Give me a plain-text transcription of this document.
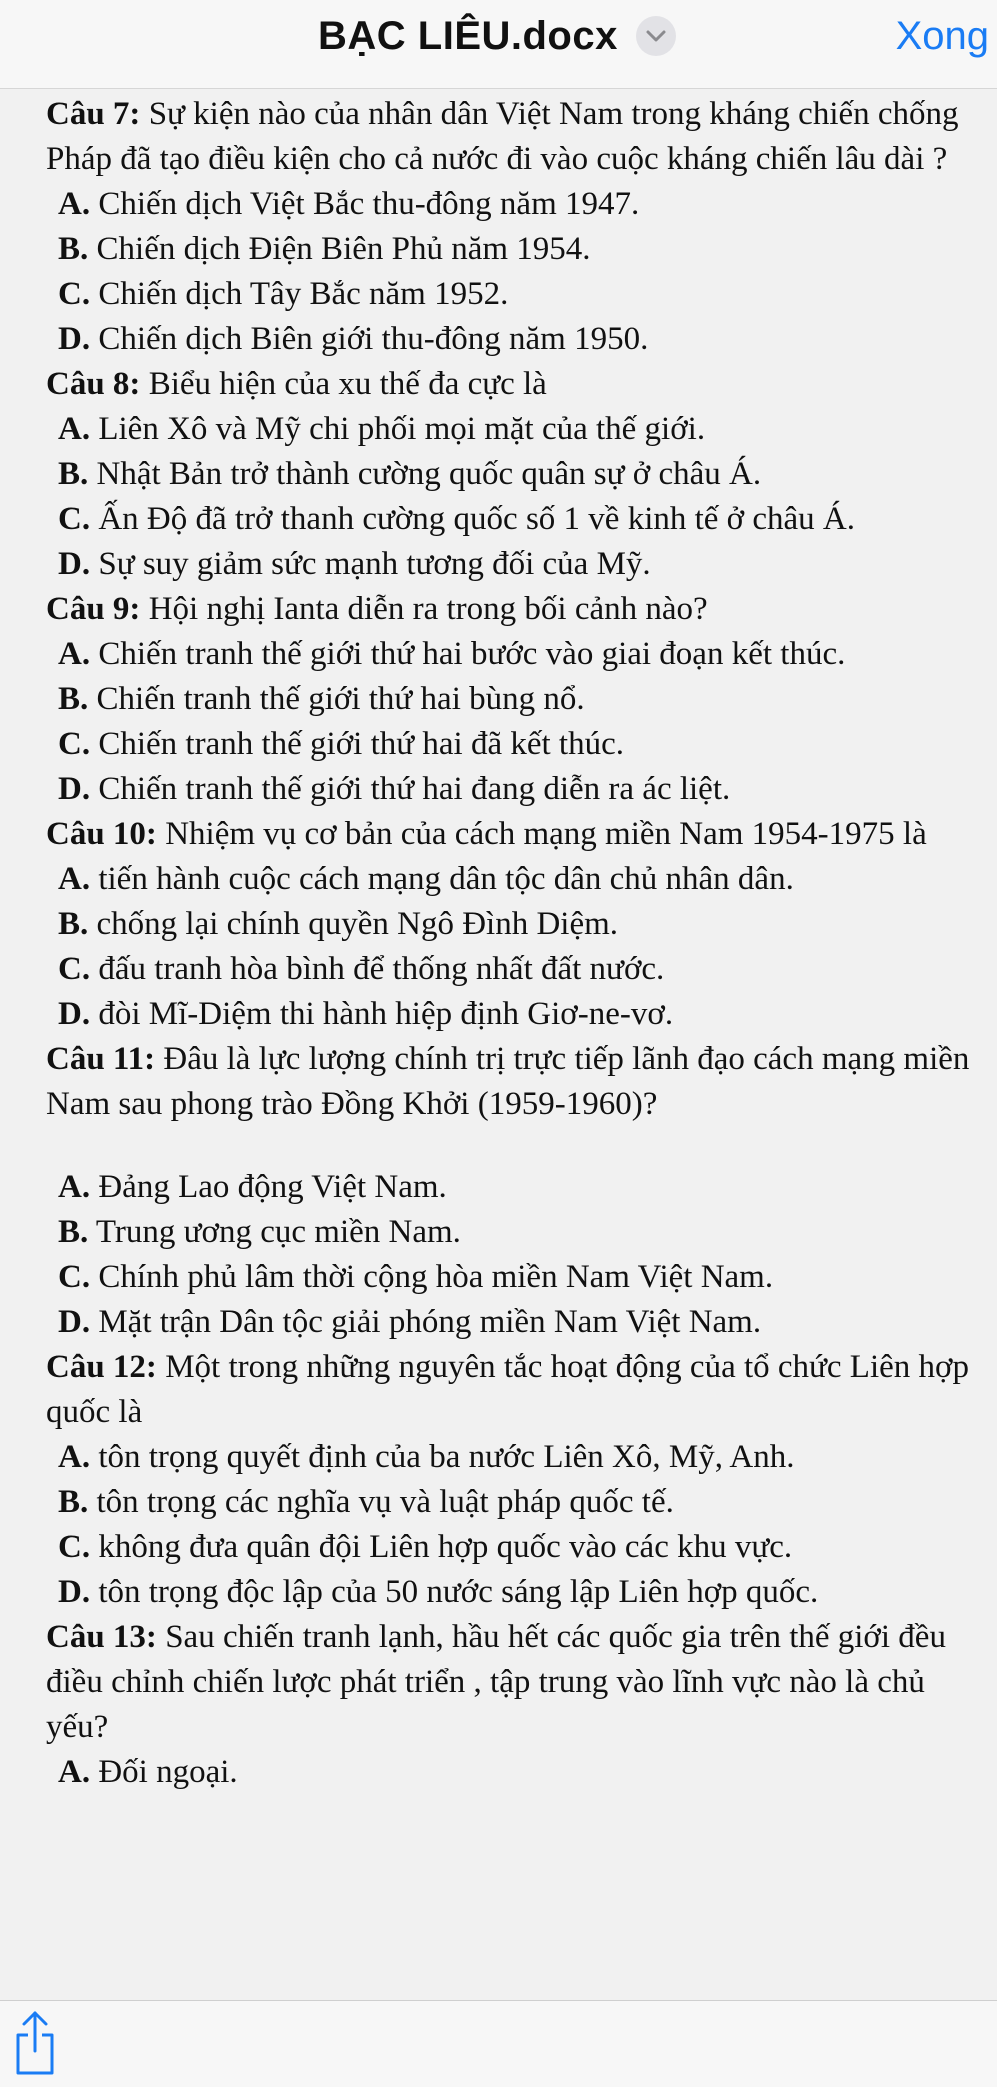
BẠC LIÊU.docx	Xong

Câu 7: Sự kiện nào của nhân dân Việt Nam trong kháng chiến chống Pháp đã tạo điều kiện cho cả nước đi vào cuộc kháng chiến lâu dài ?

A. Chiến dịch Việt Bắc thu-đông năm 1947.

B. Chiến dịch Điện Biên Phủ năm 1954.

C. Chiến dịch Tây Bắc năm 1952.

D. Chiến dịch Biên giới thu-đông năm 1950.

Câu 8: Biểu hiện của xu thế đa cực là

A. Liên Xô và Mỹ chi phối mọi mặt của thế giới.

B. Nhật Bản trở thành cường quốc quân sự ở châu Á.

C. Ấn Độ đã trở thanh cường quốc số 1 về kinh tế ở châu Á.

D. Sự suy giảm sức mạnh tương đối của Mỹ.

Câu 9: Hội nghị Ianta diễn ra trong bối cảnh nào?

A. Chiến tranh thế giới thứ hai bước vào giai đoạn kết thúc.

B. Chiến tranh thế giới thứ hai bùng nổ.

C. Chiến tranh thế giới thứ hai đã kết thúc.

D. Chiến tranh thế giới thứ hai đang diễn ra ác liệt.

Câu 10: Nhiệm vụ cơ bản của cách mạng miền Nam 1954-1975 là

A. tiến hành cuộc cách mạng dân tộc dân chủ nhân dân.

B. chống lại chính quyền Ngô Đình Diệm.

C. đấu tranh hòa bình để thống nhất đất nước.

D. đòi Mĩ-Diệm thi hành hiệp định Giơ-ne-vơ.

Câu 11: Đâu là lực lượng chính trị trực tiếp lãnh đạo cách mạng miền Nam sau phong trào Đồng Khởi (1959-1960)?

A. Đảng Lao động Việt Nam.

B. Trung ương cục miền Nam.

C. Chính phủ lâm thời cộng hòa miền Nam Việt Nam.

D. Mặt trận Dân tộc giải phóng miền Nam Việt Nam.

Câu 12: Một trong những nguyên tắc hoạt động của tổ chức Liên hợp quốc là

A. tôn trọng quyết định của ba nước Liên Xô, Mỹ, Anh.

B. tôn trọng các nghĩa vụ và luật pháp quốc tế.

C. không đưa quân đội Liên hợp quốc vào các khu vực.

D. tôn trọng độc lập của 50 nước sáng lập Liên hợp quốc.

Câu 13: Sau chiến tranh lạnh, hầu hết các quốc gia trên thế giới đều điều chỉnh chiến lược phát triển , tập trung vào lĩnh vực nào là chủ yếu?

A. Đối ngoại.
